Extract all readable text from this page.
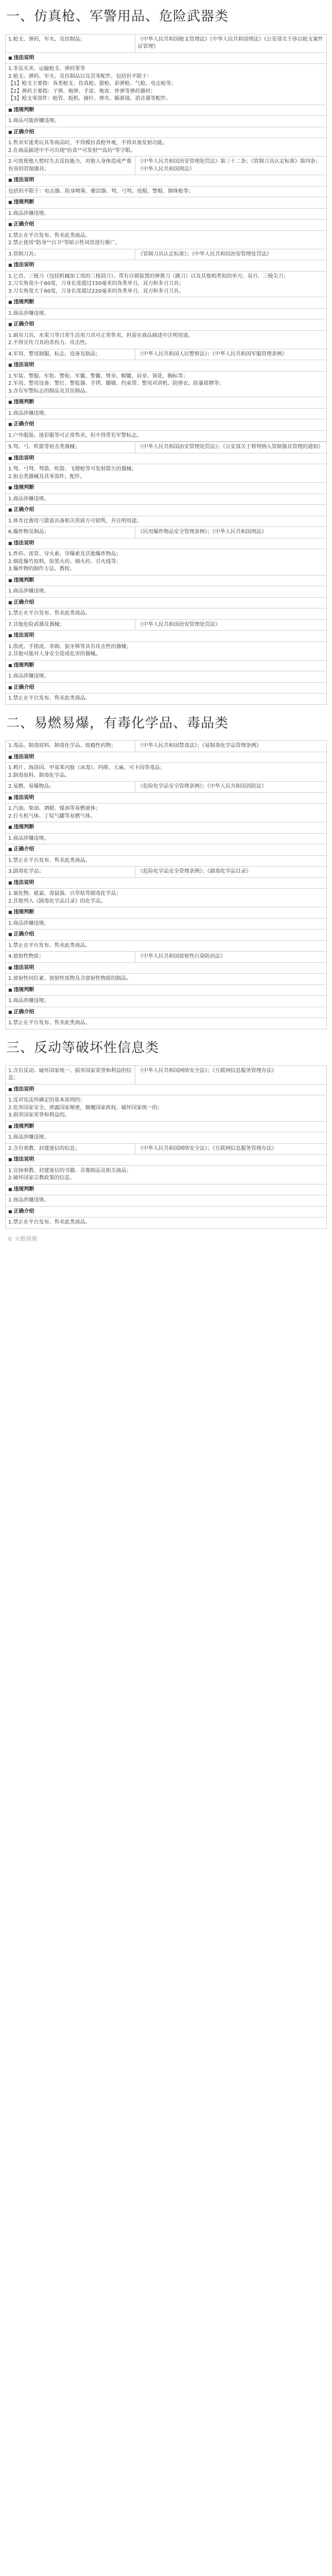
一、仿真枪、军警用品、危险武器类
1.枪支、弹药，军火、及仿制品；	《中华人民共和国枪支管理法》《中华人民共和国刑法》《公安部关于涉以枪支案件证管理》
■ 违法说明

1.非法买卖、运输枪支、弹药罪等
2.枪支、弹药、军火、及仿制品以及其零配件，包括但不限于：
【1】枪支主要指：各类枪支、仿真枪、猎枪、彩弹枪、气枪、电击枪等；
【2】弹药主要指：子弹、炮弹、手雷、地雷、炸弹等弹药器材；
【3】枪支零部件：枪管、扳机、撞针、弹夹、瞄准镜、消音器等配件。	

■ 违规判断

1.商品可能涉嫌违规。	

■ 正确介绍

1.售卖军迷类玩具等商品时，不得模仿真枪外观，不得具备发射功能。
2.在商品描述中不可出现"仿真""可发射""高仿"等字眼。	

2.可致使他人暂时失去反抗能力，对他人身体造成严重伤害的管制器具；	《中华人民共和国治安管理处罚法》第三十二条；《管制刀具认定标准》第四条；《中华人民共和国刑法》
■ 违法说明

包括但不限于：电击器、防身喷雾、催泪器、弩、弓弩、甩棍、警棍、钢珠枪等；	

■ 违规判断

1.商品涉嫌违规。	

■ 正确介绍

1.禁止在平台发布、售卖此类商品。
2.禁止使用"防身""自卫"等暗示性词语进行推广。	

3.管制刀具；	《管制刀具认定标准》；《中华人民共和国治安管理处罚法》
■ 违法说明

1.匕首、三棱刀（包括机械加工用的三棱刮刀）、带有自锁装置的弹簧刀（跳刀）以及其他相类似的单刃、双刃、三棱尖刀；
2.刀尖角度小于60度，刀身长度超过150毫米的各类单刃、双刃和多刃刀具；
3.刀尖角度大于60度，刀身长度超过220毫米的各类单刃、双刃和多刃刀具。	

■ 违规判断

1.商品涉嫌违规。	

■ 正确介绍

1.厨房刀具、水果刀等日常生活用刀具可正常售卖，但需在商品描述中注明用途。
2.不得宣传刀具的杀伤力、攻击性。	

4.军用、警用制服、标志、设备及制品；	《中华人民共和国人民警察法》；《中华人民共和国军服管理条例》
■ 违法说明

1.军装、警服、军衔、警衔、军徽、警徽、臂章、帽徽、肩章、领花、胸标等；
2.军用、警用设备：警灯、警报器、手铐、脚镣、约束带、警用对讲机、防弹衣、防暴盾牌等；
3.含有军警标志的制品及其仿制品。	

■ 违规判断

1.商品涉嫌违规。	

■ 正确介绍

1.户外服装、迷彩服等可正常售卖，但不得带有军警标志。	
5.弩、弓、吹箭等射击类器械；	《中华人民共和国治安管理处罚法》；《公安部关于将弩纳入管制器具管理的通知》
■ 违法说明

1.弩、弓弩、弩箭、吹箭、飞镖枪等可发射箭矢的器械；
2.射击类器械及其零部件、配件。	

■ 违规判断

1.商品涉嫌违规。	

■ 正确介绍

1.体育比赛用弓箭需具备相关资质方可销售，并注明用途。	

6.爆炸物及制品；	《民用爆炸物品安全管理条例》；《中华人民共和国刑法》
■ 违法说明

1.炸药、雷管、导火索、导爆索及其他爆炸物品；
2.烟花爆竹原料，如黑火药、烟火药、引火线等；
3.爆炸物的制作方法、教程。	

■ 违规判断

1.商品涉嫌违规。	

■ 正确介绍

1.禁止在平台发布、售卖此类商品。	

7.其他危险武器及器械；	《中华人民共和国治安管理处罚法》
■ 违法说明

1.指虎、手指虎、拳刺、狼牙棒等具有攻击性的器械；
2.其他可能对人身安全造成危害的器械。	

■ 违规判断

1.商品涉嫌违规。	

■ 正确介绍

1.禁止在平台发布、售卖此类商品。	
二、易燃易爆，有毒化学品、毒品类
1.毒品、制毒原料、制毒化学品、致瘾性药物；	《中华人民共和国禁毒法》；《易制毒化学品管理条例》
■ 违法说明

1.鸦片、海洛因、甲基苯丙胺（冰毒）、吗啡、大麻、可卡因等毒品；
2.制毒原料、制毒化学品。	

2.易燃、易爆物品；	《危险化学品安全管理条例》；《中华人民共和国消防法》
■ 违法说明

1.汽油、柴油、酒精、煤油等易燃液体；
2.打火机气体、丁烷气罐等易燃气体。	

■ 违规判断

1.商品涉嫌违规。	

■ 正确介绍

1.禁止在平台发布、售卖此类商品。	

3.剧毒化学品；	《危险化学品安全管理条例》；《剧毒化学品目录》
■ 违法说明

1.氰化物、砒霜、毒鼠强、百草枯等剧毒化学品；
2.其他列入《剧毒化学品目录》的化学品。	

■ 违规判断

1.商品涉嫌违规。	

■ 正确介绍

1.禁止在平台发布、售卖此类商品。	

4.放射性物质；	《中华人民共和国放射性污染防治法》
■ 违法说明

1.放射性同位素、放射性废物及含放射性物质的制品。	

■ 违规判断

1.商品涉嫌违规。	

■ 正确介绍

1.禁止在平台发布、售卖此类商品。	
三、反动等破坏性信息类
1.含有反动、破坏国家统一、损害国家荣誉和利益的信息；	《中华人民共和国网络安全法》；《互联网信息服务管理办法》
■ 违法说明

1.反对宪法所确定的基本原则的；
2.危害国家安全，泄露国家秘密，颠覆国家政权，破坏国家统一的；
3.损害国家荣誉和利益的。	

■ 违规判断

1.商品涉嫌违规。	

2.含有邪教、封建迷信的信息；	《中华人民共和国网络安全法》；《互联网信息服务管理办法》
■ 违法说明

1.宣扬邪教、封建迷信的书籍、音像制品及相关商品；
2.破坏国家宗教政策的信息。	

■ 违规判断

1.商品涉嫌违规。	

■ 正确介绍

1.禁止在平台发布、售卖此类商品。	
© 火眼视频
